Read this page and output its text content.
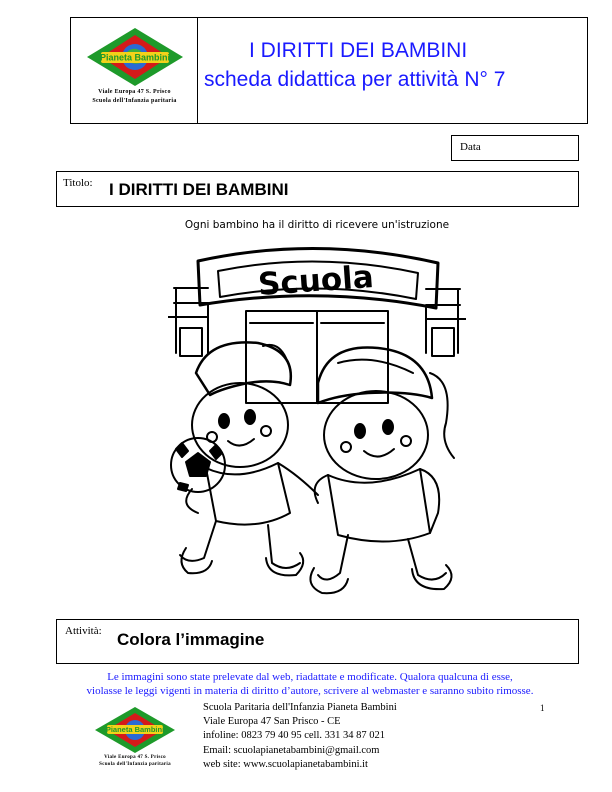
Pianeta Bambini
Viale Europa 47 S. Prisco
Scuola dell'Infanzia paritaria
I DIRITTI DEI BAMBINI
scheda didattica per attività N° 7
Data
Titolo: I DIRITTI DEI BAMBINI
Ogni bambino ha il diritto di ricevere un'istruzione
Scuola
Attività: Colora l’immagine
Le immagini sono state prelevate dal web, riadattate e modificate. Qualora qualcuna di esse,
violasse le leggi vigenti in materia di diritto d’autore, scrivere al webmaster e saranno subito rimosse.
Pianeta Bambini
Viale Europa 47 S. Prisco
Scuola dell'Infanzia paritaria
Scuola Paritaria dell'Infanzia Pianeta Bambini
Viale Europa 47 San Prisco - CE
infoline: 0823 79 40 95 cell. 331 34 87 021
Email: scuolapianetabambini@gmail.com
web site: www.scuolapianetabambini.it
1
